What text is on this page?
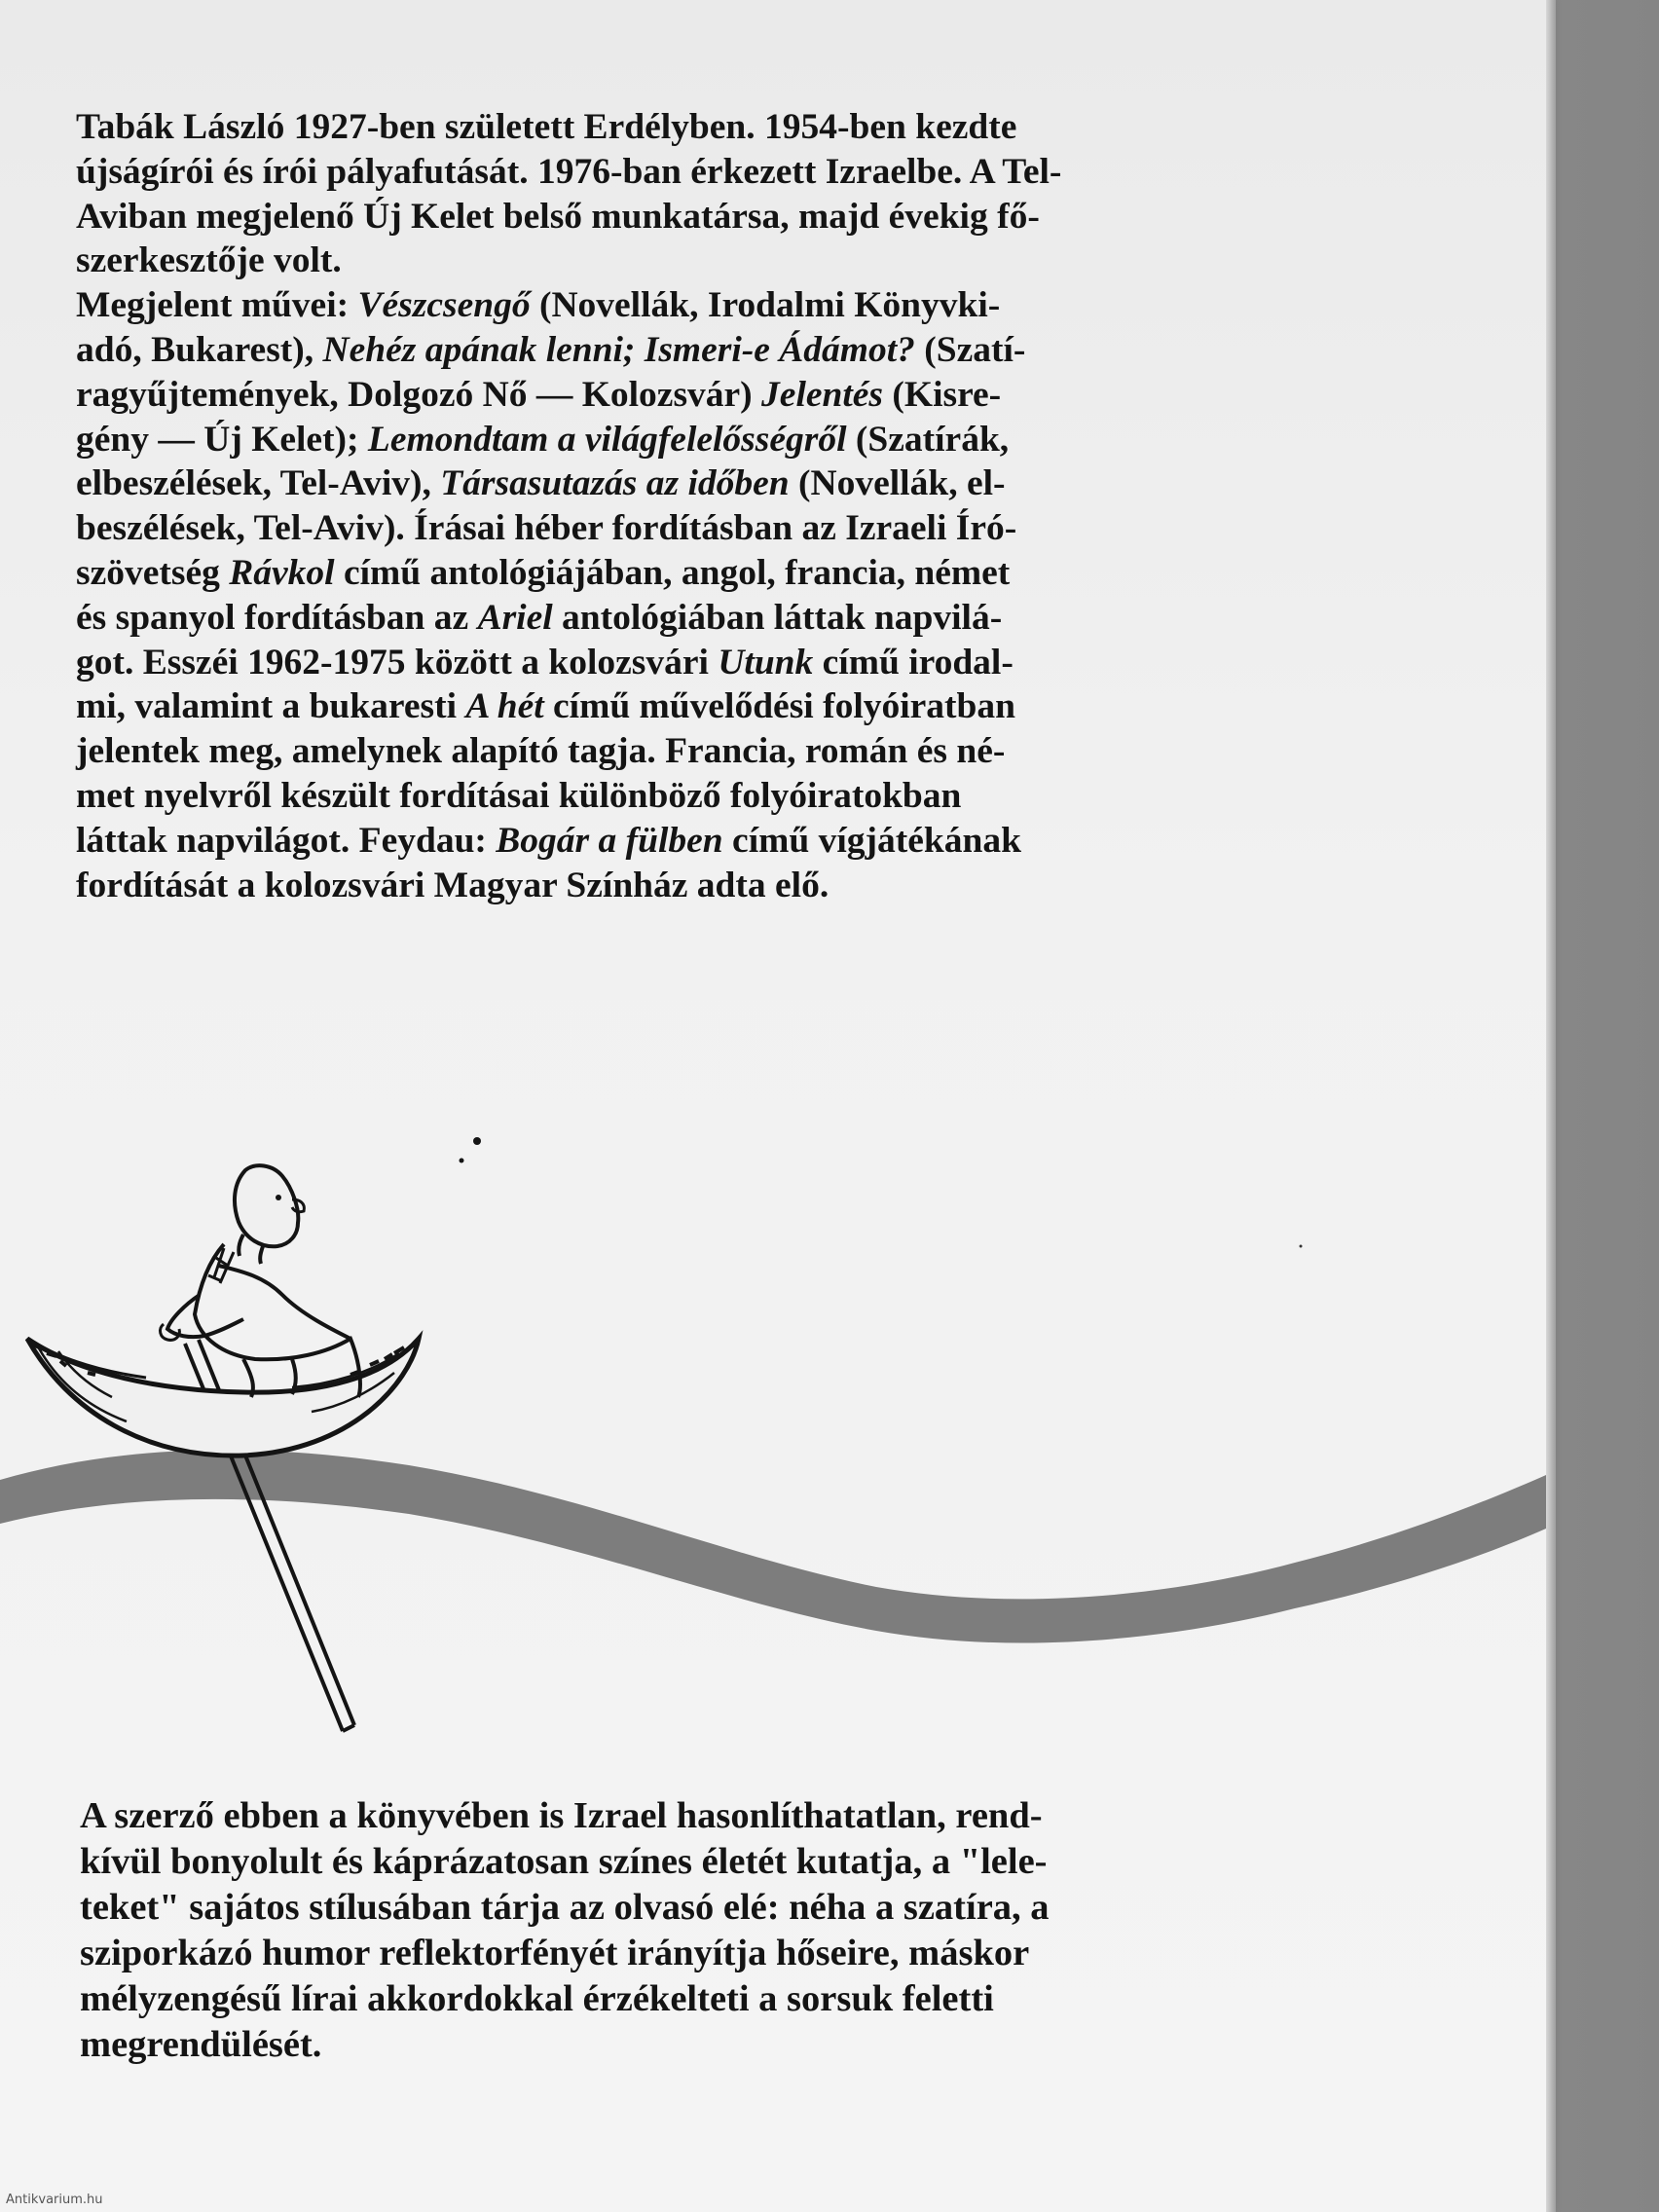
Tabák László 1927-ben született Erdélyben. 1954-ben kezdte
újságírói és írói pályafutását. 1976-ban érkezett Izraelbe. A Tel-
Aviban megjelenő Új Kelet belső munkatársa, majd évekig fő-
szerkesztője volt.
Megjelent művei: Vészcsengő (Novellák, Irodalmi Könyvki-
adó, Bukarest), Nehéz apának lenni; Ismeri-e Ádámot? (Szatí-
ragyűjtemények, Dolgozó Nő — Kolozsvár) Jelentés (Kisre-
gény — Új Kelet); Lemondtam a világfelelősségről (Szatírák,
elbeszélések, Tel-Aviv), Társasutazás az időben (Novellák, el-
beszélések, Tel-Aviv). Írásai héber fordításban az Izraeli Író-
szövetség Rávkol című antológiájában, angol, francia, német
és spanyol fordításban az Ariel antológiában láttak napvilá-
got. Esszéi 1962-1975 között a kolozsvári Utunk című irodal-
mi, valamint a bukaresti A hét című művelődési folyóiratban
jelentek meg, amelynek alapító tagja. Francia, román és né-
met nyelvről készült fordításai különböző folyóiratokban
láttak napvilágot. Feydau: Bogár a fülben című vígjátékának
fordítását a kolozsvári Magyar Színház adta elő.

A szerző ebben a könyvében is Izrael hasonlíthatatlan, rend-
kívül bonyolult és káprázatosan színes életét kutatja, a "lele-
teket" sajátos stílusában tárja az olvasó elé: néha a szatíra, a
sziporkázó humor reflektorfényét irányítja hőseire, máskor
mélyzengésű lírai akkordokkal érzékelteti a sorsuk feletti
megrendülését.

Antikvarium.hu
